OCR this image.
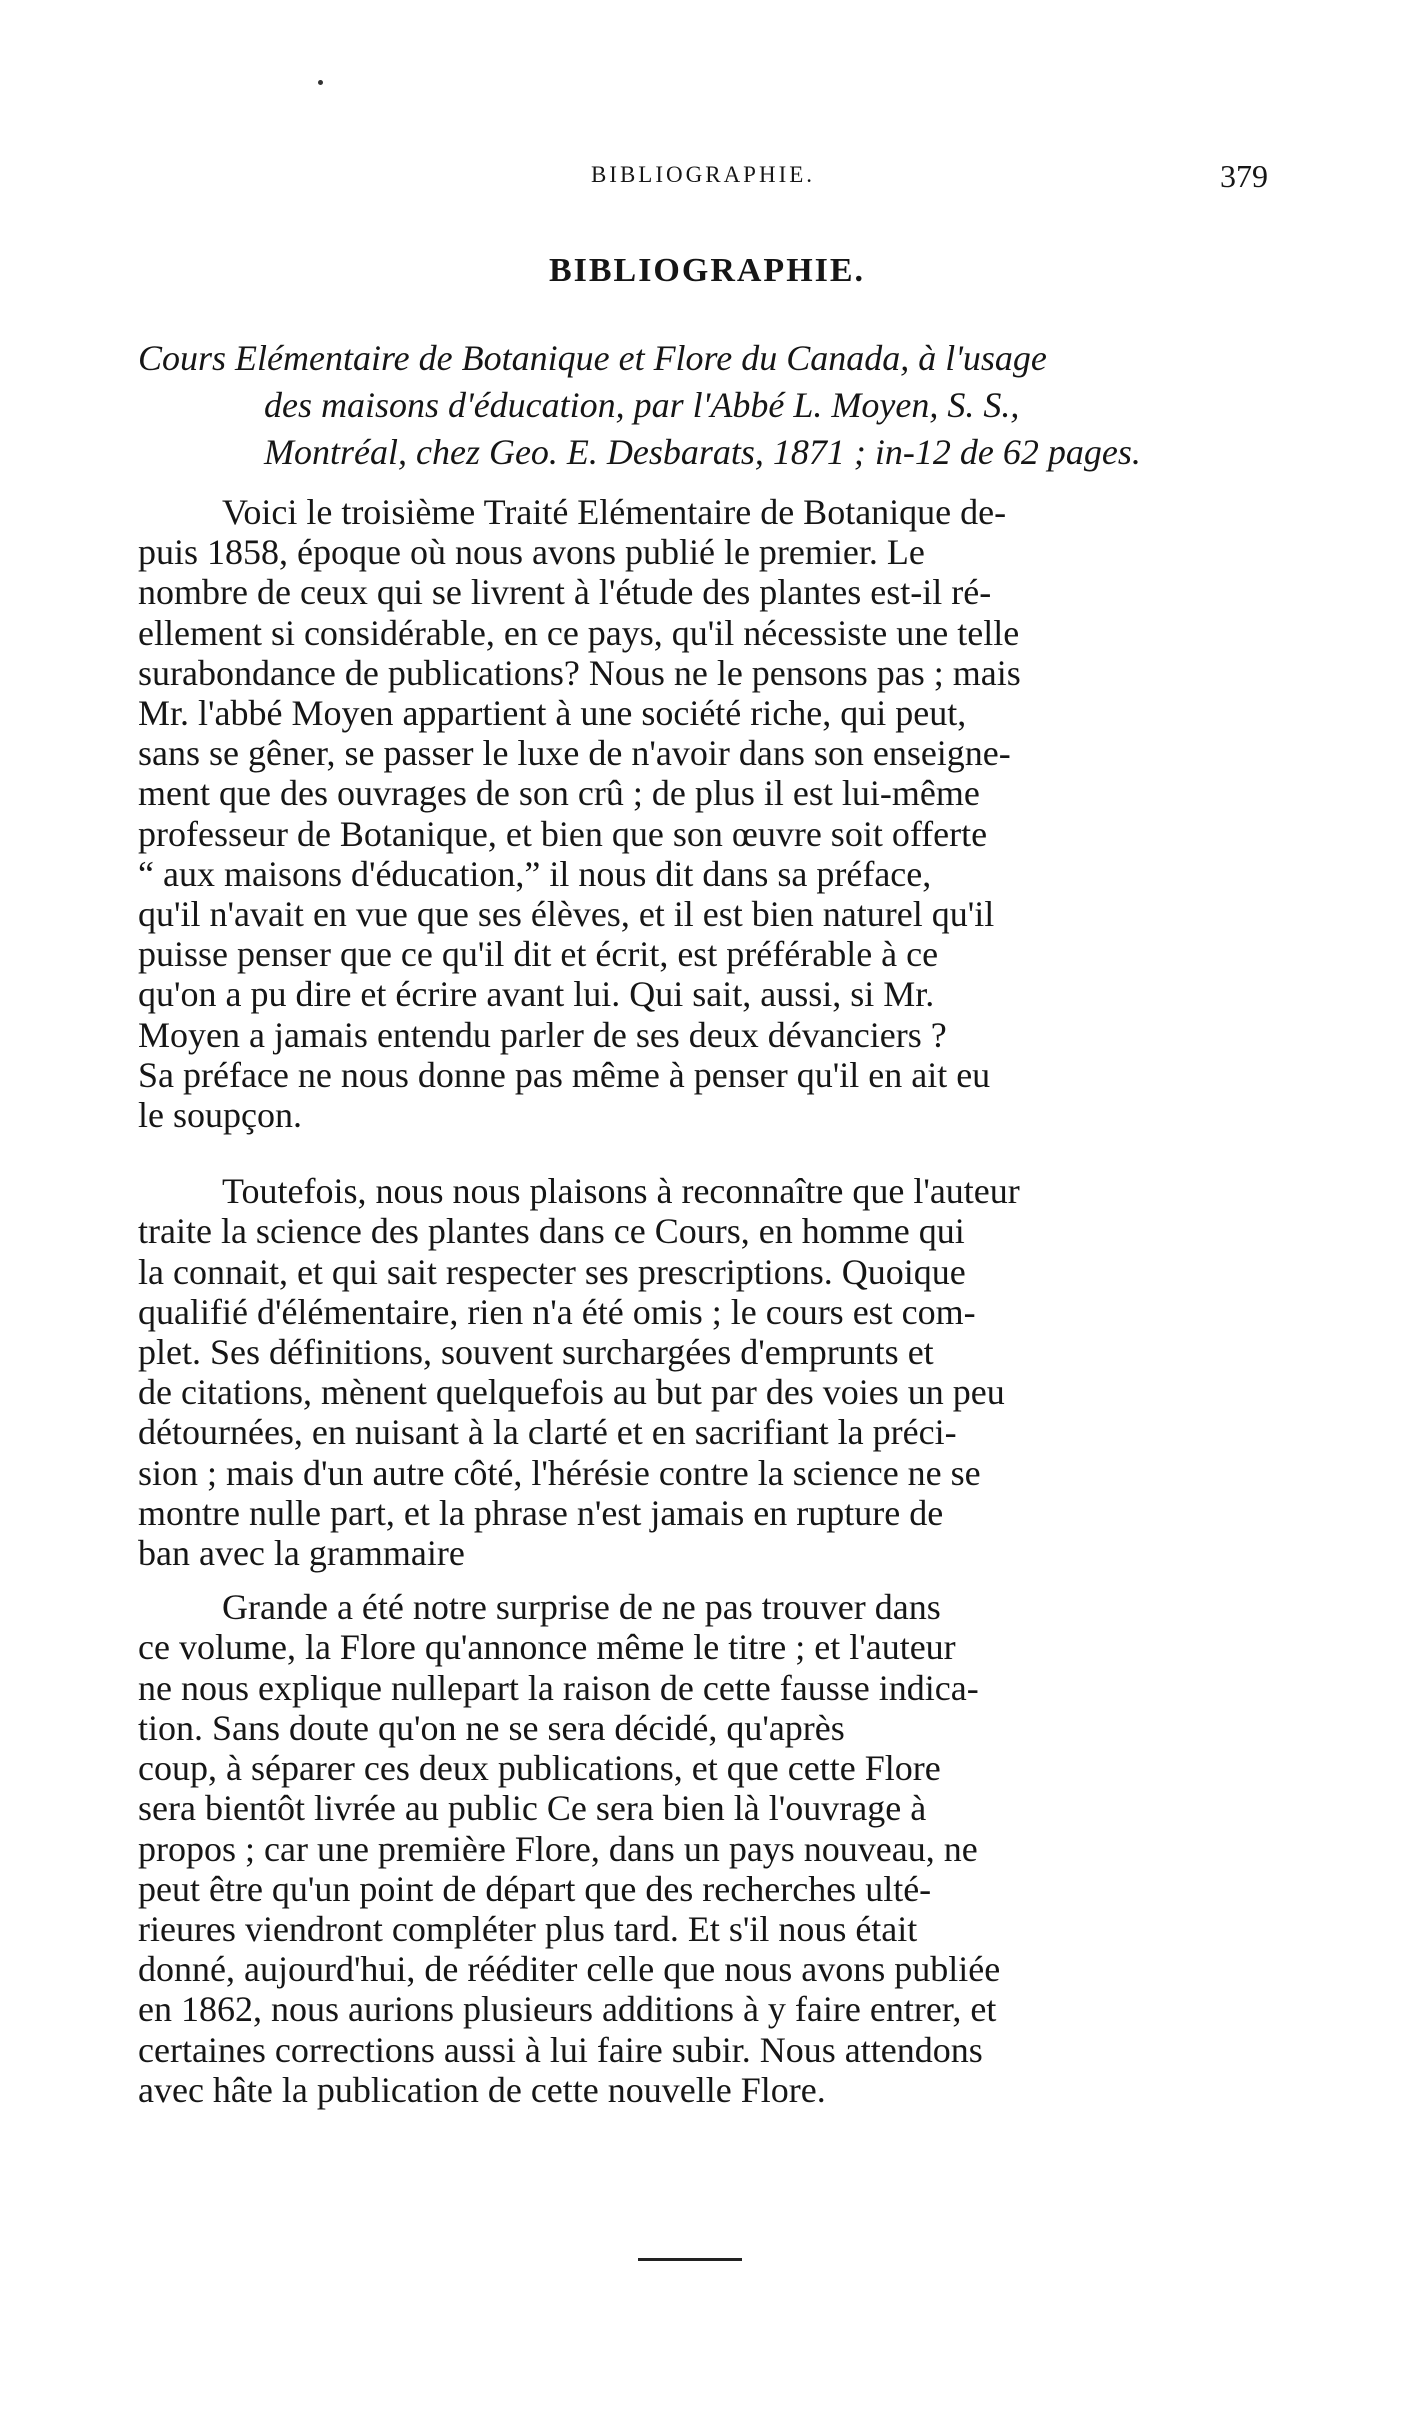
BIBLIOGRAPHIE.	379
BIBLIOGRAPHIE.
Cours Elémentaire de Botanique et Flore du Canada, à l'usage
des maisons d'éducation, par l'Abbé L. Moyen, S. S.,
Montréal, chez Geo. E. Desbarats, 1871 ; in-12 de 62 pages.
Voici le troisième Traité Elémentaire de Botanique de-
puis 1858, époque où nous avons publié le premier. Le
nombre de ceux qui se livrent à l'étude des plantes est-il ré-
ellement si considérable, en ce pays, qu'il nécessiste une telle
surabondance de publications? Nous ne le pensons pas ; mais
Mr. l'abbé Moyen appartient à une société riche, qui peut,
sans se gêner, se passer le luxe de n'avoir dans son enseigne-
ment que des ouvrages de son crû ; de plus il est lui-même
professeur de Botanique, et bien que son œuvre soit offerte
“ aux maisons d'éducation,” il nous dit dans sa préface,
qu'il n'avait en vue que ses élèves, et il est bien naturel qu'il
puisse penser que ce qu'il dit et écrit, est préférable à ce
qu'on a pu dire et écrire avant lui. Qui sait, aussi, si Mr.
Moyen a jamais entendu parler de ses deux dévanciers ?
Sa préface ne nous donne pas même à penser qu'il en ait eu
le soupçon.
Toutefois, nous nous plaisons à reconnaître que l'auteur
traite la science des plantes dans ce Cours, en homme qui
la connait, et qui sait respecter ses prescriptions. Quoique
qualifié d'élémentaire, rien n'a été omis ; le cours est com-
plet. Ses définitions, souvent surchargées d'emprunts et
de citations, mènent quelquefois au but par des voies un peu
détournées, en nuisant à la clarté et en sacrifiant la préci-
sion ; mais d'un autre côté, l'hérésie contre la science ne se
montre nulle part, et la phrase n'est jamais en rupture de
ban avec la grammaire
Grande a été notre surprise de ne pas trouver dans
ce volume, la Flore qu'annonce même le titre ; et l'auteur
ne nous explique nullepart la raison de cette fausse indica-
tion. Sans doute qu'on ne se sera décidé, qu'après
coup, à séparer ces deux publications, et que cette Flore
sera bientôt livrée au public Ce sera bien là l'ouvrage à
propos ; car une première Flore, dans un pays nouveau, ne
peut être qu'un point de départ que des recherches ulté-
rieures viendront compléter plus tard. Et s'il nous était
donné, aujourd'hui, de rééditer celle que nous avons publiée
en 1862, nous aurions plusieurs additions à y faire entrer, et
certaines corrections aussi à lui faire subir. Nous attendons
avec hâte la publication de cette nouvelle Flore.
